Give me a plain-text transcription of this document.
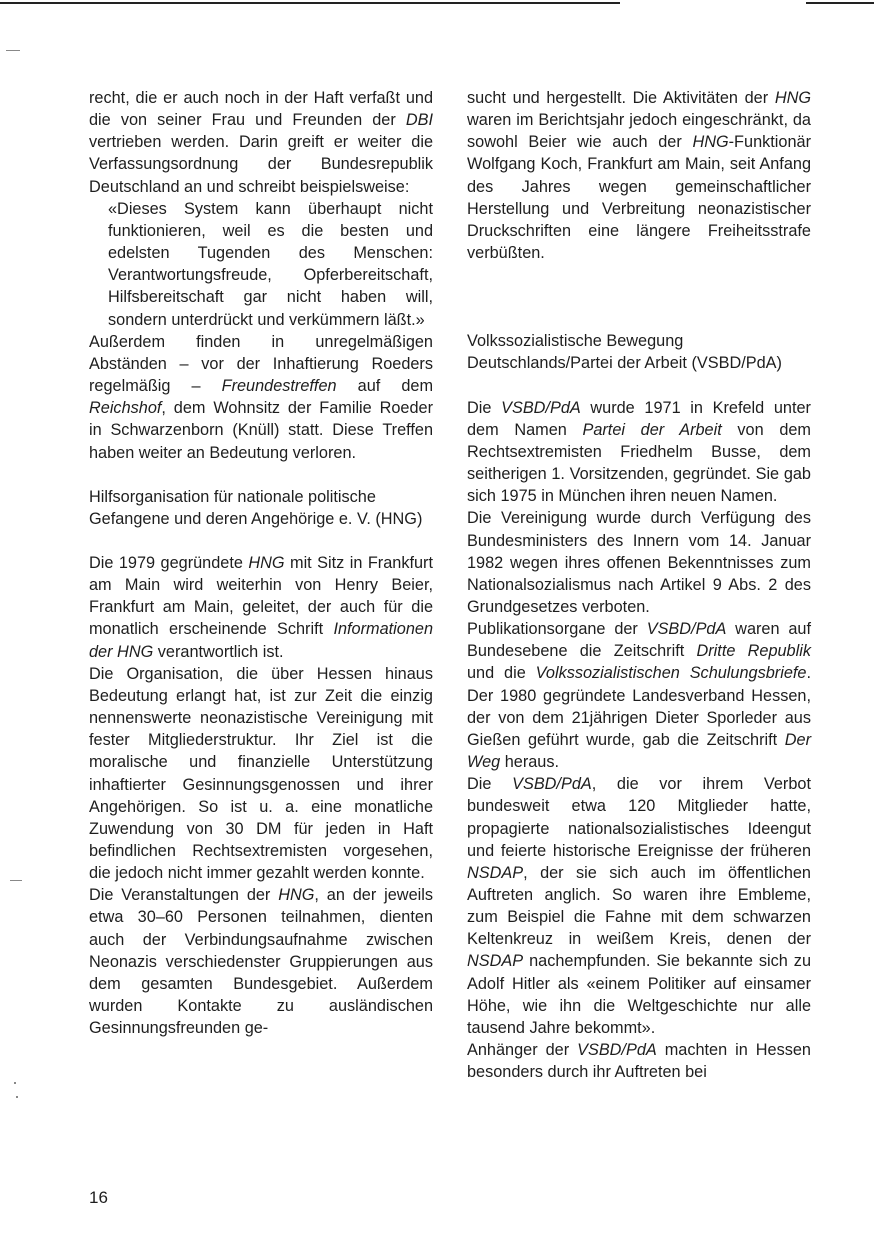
recht, die er auch noch in der Haft verfaßt und die von seiner Frau und Freunden der DBI vertrieben werden. Darin greift er weiter die Verfassungsordnung der Bundesrepublik Deutschland an und schreibt beispielsweise:

«Dieses System kann überhaupt nicht funktionieren, weil es die besten und edelsten Tugenden des Menschen: Verantwortungsfreude, Opferbereitschaft, Hilfsbereitschaft gar nicht haben will, sondern unterdrückt und verkümmern läßt.»

Außerdem finden in unregelmäßigen Abständen – vor der Inhaftierung Roeders regelmäßig – Freundestreffen auf dem Reichshof, dem Wohnsitz der Familie Roeder in Schwarzenborn (Knüll) statt. Diese Treffen haben weiter an Bedeutung verloren.

Hilfsorganisation für nationale politische Gefangene und deren Angehörige e. V. (HNG)

Die 1979 gegründete HNG mit Sitz in Frankfurt am Main wird weiterhin von Henry Beier, Frankfurt am Main, geleitet, der auch für die monatlich erscheinende Schrift Informationen der HNG verantwortlich ist.

Die Organisation, die über Hessen hinaus Bedeutung erlangt hat, ist zur Zeit die einzig nennenswerte neonazistische Vereinigung mit fester Mitgliederstruktur. Ihr Ziel ist die moralische und finanzielle Unterstützung inhaftierter Gesinnungsgenossen und ihrer Angehörigen. So ist u. a. eine monatliche Zuwendung von 30 DM für jeden in Haft befindlichen Rechtsextremisten vorgesehen, die jedoch nicht immer gezahlt werden konnte.

Die Veranstaltungen der HNG, an der jeweils etwa 30–60 Personen teilnahmen, dienten auch der Verbindungsaufnahme zwischen Neonazis verschiedenster Gruppierungen aus dem gesamten Bundesgebiet. Außerdem wurden Kontakte zu ausländischen Gesinnungsfreunden ge-

sucht und hergestellt. Die Aktivitäten der HNG waren im Berichtsjahr jedoch eingeschränkt, da sowohl Beier wie auch der HNG-Funktionär Wolfgang Koch, Frankfurt am Main, seit Anfang des Jahres wegen gemeinschaftlicher Herstellung und Verbreitung neonazistischer Druckschriften eine längere Freiheitsstrafe verbüßten.

Volkssozialistische Bewegung Deutschlands/Partei der Arbeit (VSBD/PdA)

Die VSBD/PdA wurde 1971 in Krefeld unter dem Namen Partei der Arbeit von dem Rechtsextremisten Friedhelm Busse, dem seitherigen 1. Vorsitzenden, gegründet. Sie gab sich 1975 in München ihren neuen Namen.

Die Vereinigung wurde durch Verfügung des Bundesministers des Innern vom 14. Januar 1982 wegen ihres offenen Bekenntnisses zum Nationalsozialismus nach Artikel 9 Abs. 2 des Grundgesetzes verboten.

Publikationsorgane der VSBD/PdA waren auf Bundesebene die Zeitschrift Dritte Republik und die Volkssozialistischen Schulungsbriefe. Der 1980 gegründete Landesverband Hessen, der von dem 21jährigen Dieter Sporleder aus Gießen geführt wurde, gab die Zeitschrift Der Weg heraus.

Die VSBD/PdA, die vor ihrem Verbot bundesweit etwa 120 Mitglieder hatte, propagierte nationalsozialistisches Ideengut und feierte historische Ereignisse der früheren NSDAP, der sie sich auch im öffentlichen Auftreten anglich. So waren ihre Embleme, zum Beispiel die Fahne mit dem schwarzen Keltenkreuz in weißem Kreis, denen der NSDAP nachempfunden. Sie bekannte sich zu Adolf Hitler als «einem Politiker auf einsamer Höhe, wie ihn die Weltgeschichte nur alle tausend Jahre bekommt».

Anhänger der VSBD/PdA machten in Hessen besonders durch ihr Auftreten bei

16
